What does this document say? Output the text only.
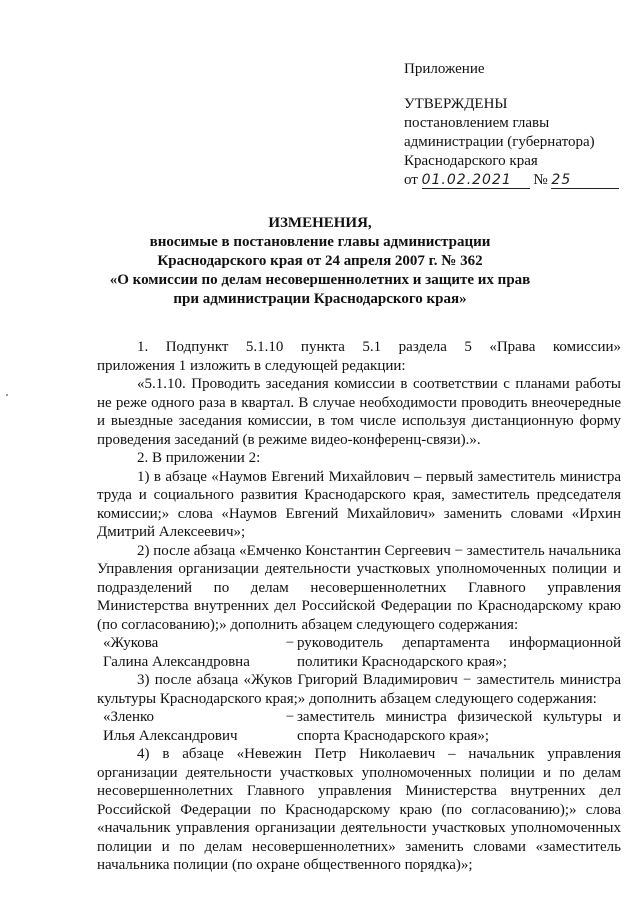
Приложение
УТВЕРЖДЕНЫ
постановлением главы
администрации (губернатора)
Краснодарского края
от 01.02.2021 № 25
ИЗМЕНЕНИЯ,
вносимые в постановление главы администрации
Краснодарского края от 24 апреля 2007 г. № 362
«О комиссии по делам несовершеннолетних и защите их прав
при администрации Краснодарского края»

1.   Подпункт   5.1.10   пункта   5.1   раздела   5   «Права   комиссии»

приложения 1 изложить в следующей редакции:

«5.1.10. Проводить заседания комиссии в соответствии с планами работы не реже одного раза в квартал. В случае необходимости проводить внеочередные и выездные заседания комиссии, в том числе используя дистанционную форму проведения заседаний (в режиме видео-конференц-связи).».

2. В приложении 2:

1) в абзаце «Наумов Евгений Михайлович – первый заместитель министра труда и социального развития Краснодарского края, заместитель председателя комиссии;» слова «Наумов Евгений Михайлович» заменить словами «Ирхин Дмитрий Алексеевич»;

2) после абзаца «Емченко Константин Сергеевич − заместитель начальника Управления организации деятельности участковых уполномоченных полиции и подразделений по делам несовершеннолетних Главного управления Министерства внутренних дел Российской Федерации по Краснодарскому краю (по согласованию);» дополнить абзацем следующего содержания:

«Жукова	− руководитель департамента информационной политики Краснодарского края»;
Галина Александровна

3) после абзаца «Жуков Григорий Владимирович − заместитель министра культуры Краснодарского края;» дополнить абзацем следующего содержания:

«Зленко	− заместитель министра физической культуры и спорта Краснодарского края»;
Илья Александрович

4) в абзаце «Невежин Петр Николаевич – начальник управления организации деятельности участковых уполномоченных полиции и по делам несовершеннолетних Главного управления Министерства внутренних дел Российской Федерации по Краснодарскому краю (по согласованию);» слова «начальник управления организации деятельности участковых уполномоченных полиции и по делам несовершеннолетних» заменить словами «заместитель начальника полиции (по охране общественного порядка)»;
